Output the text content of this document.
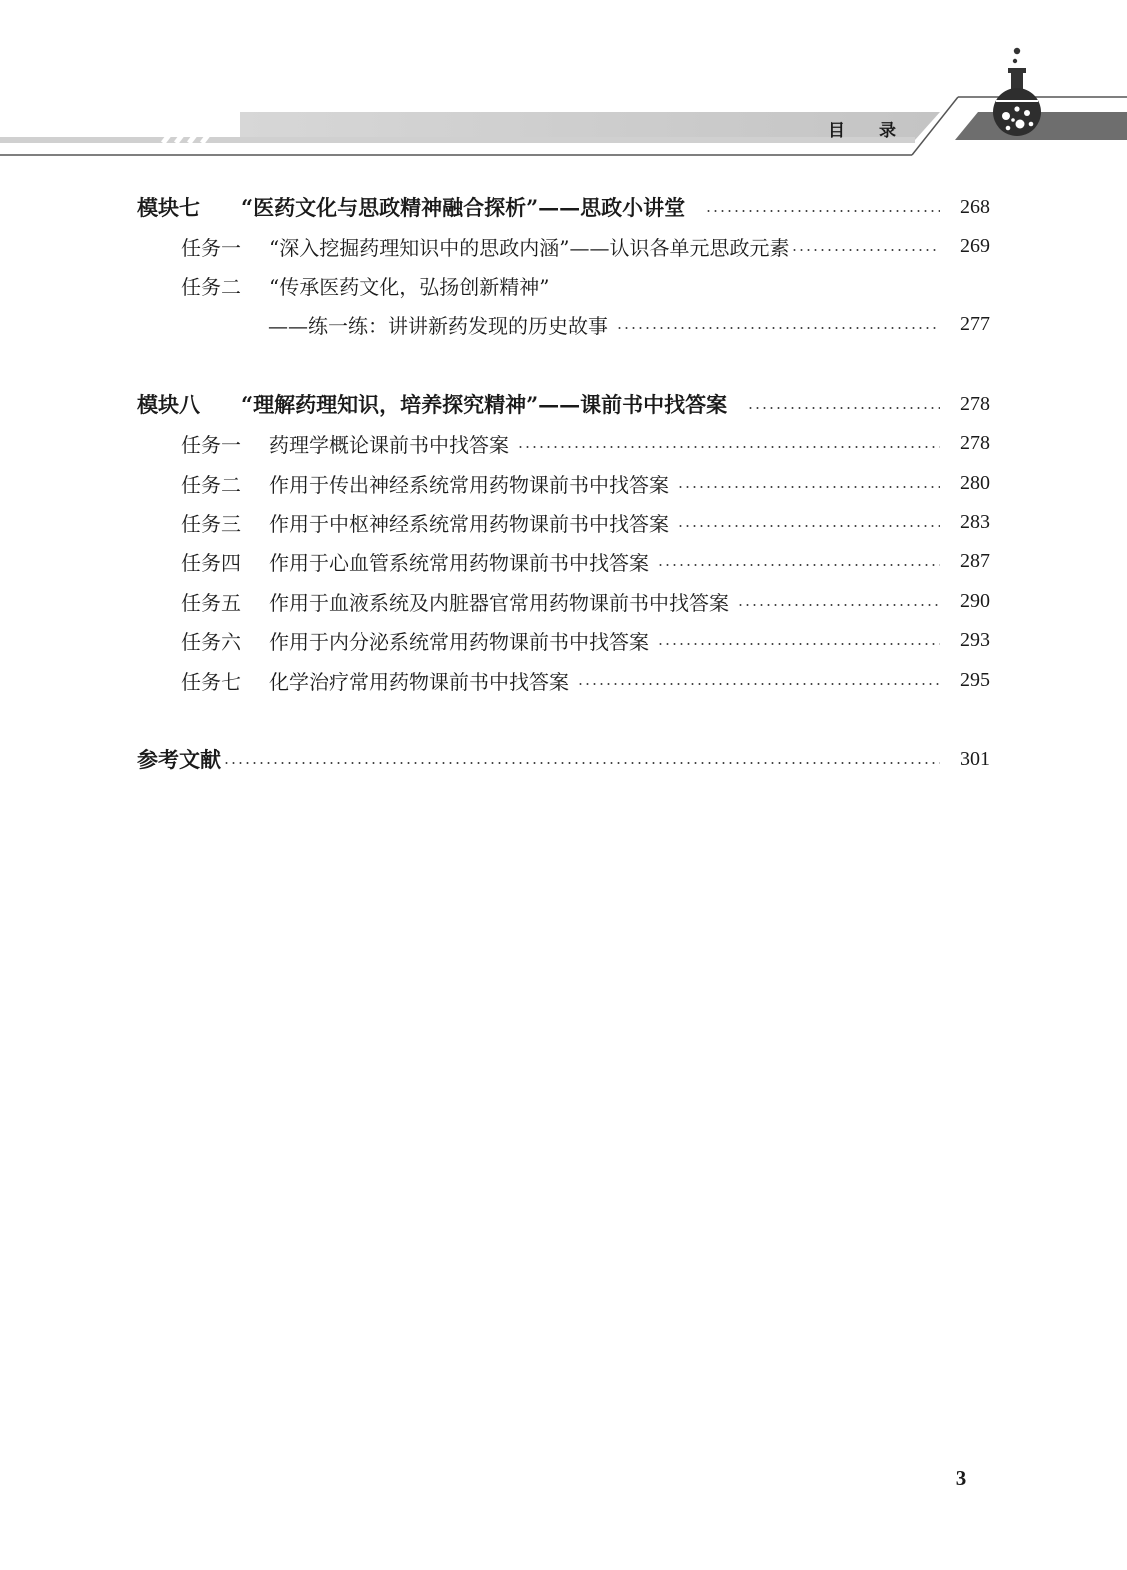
目录
模块七	“医药文化与思政精神融合探析”——思政小讲堂	268
任务一	“深入挖掘药理知识中的思政内涵”——认识各单元思政元素	269
任务二	“传承医药文化，弘扬创新精神”
——练一练：讲讲新药发现的历史故事	277
模块八	“理解药理知识，培养探究精神”——课前书中找答案	278
任务一	药理学概论课前书中找答案	278
任务二	作用于传出神经系统常用药物课前书中找答案	280
任务三	作用于中枢神经系统常用药物课前书中找答案	283
任务四	作用于心血管系统常用药物课前书中找答案	287
任务五	作用于血液系统及内脏器官常用药物课前书中找答案	290
任务六	作用于内分泌系统常用药物课前书中找答案	293
任务七	化学治疗常用药物课前书中找答案	295
参考文献	301
3
